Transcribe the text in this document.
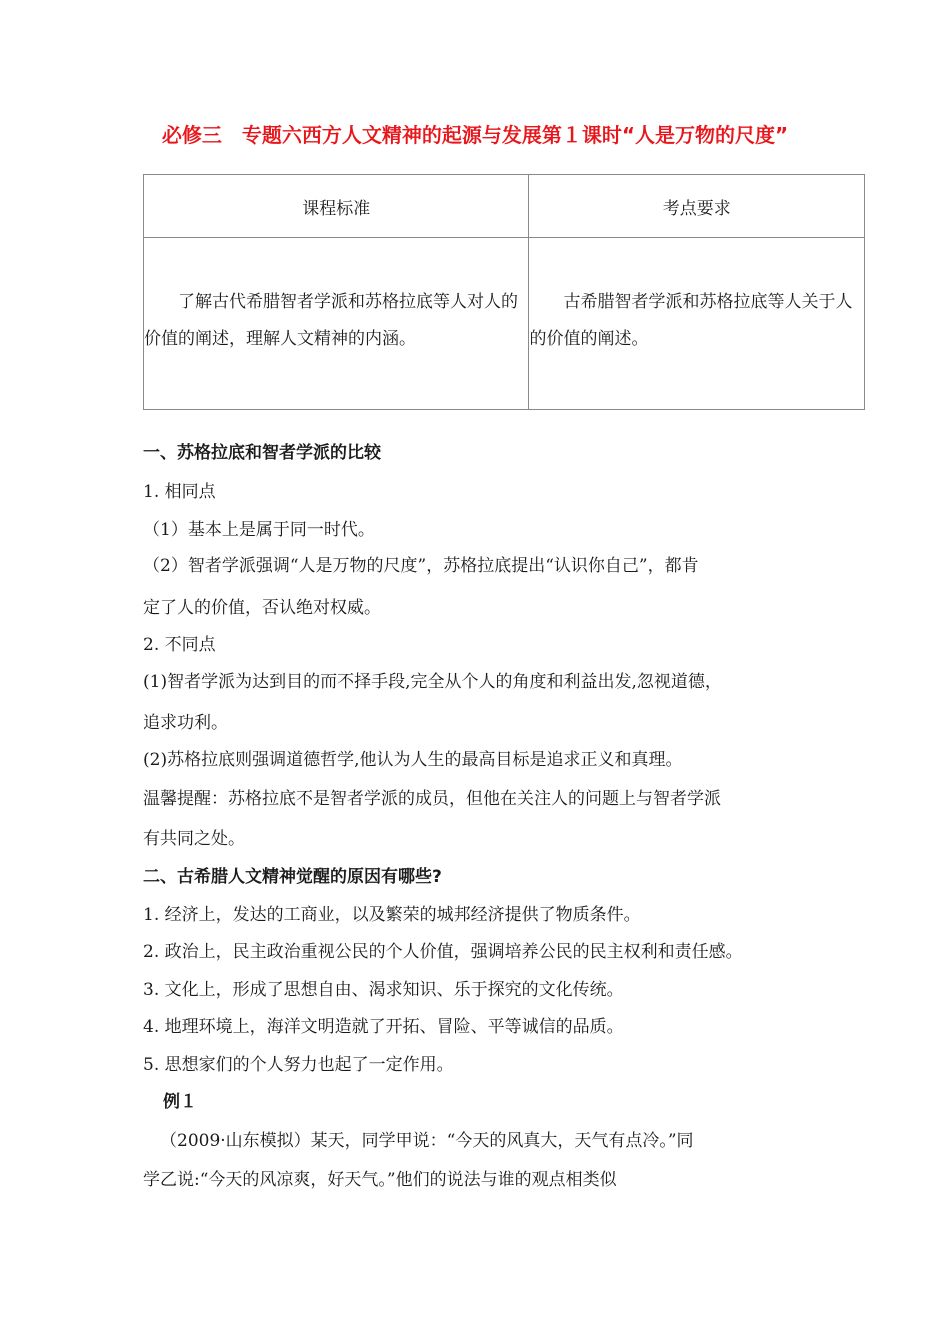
必修三　专题六西方人文精神的起源与发展第１课时“人是万物的尺度”
课程标准	考点要求

了解古代希腊智者学派和苏格拉底等人对人的价值的阐述，理解人文精神的内涵。	古希腊智者学派和苏格拉底等人关于人的价值的阐述。
一、苏格拉底和智者学派的比较
1. 相同点
（1）基本上是属于同一时代。
（2）智者学派强调“人是万物的尺度”，苏格拉底提出“认识你自己”，都肯
定了人的价值，否认绝对权威。
2. 不同点
(1)智者学派为达到目的而不择手段,完全从个人的角度和利益出发,忽视道德，
追求功利。
(2)苏格拉底则强调道德哲学,他认为人生的最高目标是追求正义和真理。
温馨提醒：苏格拉底不是智者学派的成员，但他在关注人的问题上与智者学派
有共同之处。
二、古希腊人文精神觉醒的原因有哪些?
1. 经济上，发达的工商业，以及繁荣的城邦经济提供了物质条件。
2. 政治上，民主政治重视公民的个人价值，强调培养公民的民主权利和责任感。
3. 文化上，形成了思想自由、渴求知识、乐于探究的文化传统。
4. 地理环境上，海洋文明造就了开拓、冒险、平等诚信的品质。
5. 思想家们的个人努力也起了一定作用。
例１
（2009·山东模拟）某天，同学甲说：“今天的风真大，天气有点冷。”同
学乙说:“今天的风凉爽，好天气。”他们的说法与谁的观点相类似
